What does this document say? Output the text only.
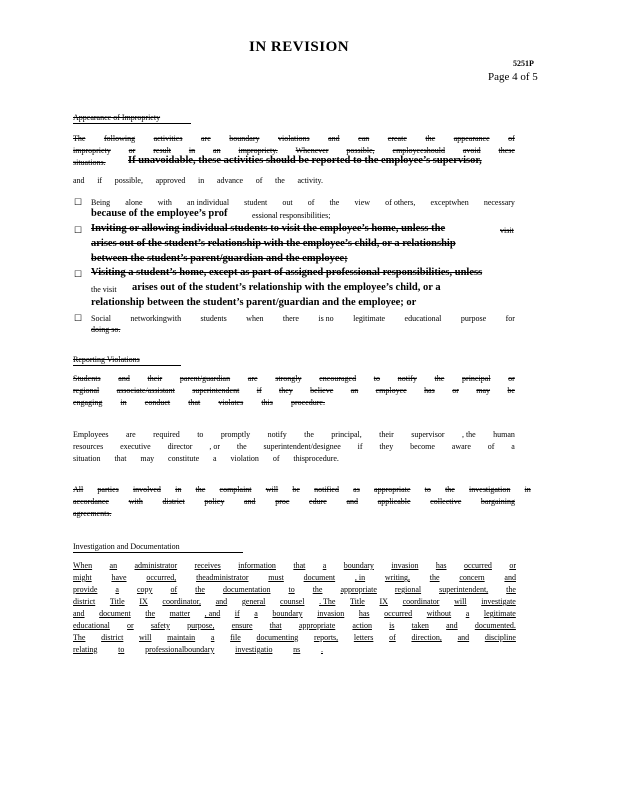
IN REVISION
5251P
Page 4 of 5
Appearance of Impropriety
The following activities are boundary violations and can create the appearance of
impropriety or result in an impropriety. Whenever possible, employeeshould avoid these
situations. If unavoidable, these activities should be reported to the employee’s supervisor,
and if possible, approved in advance of the activity.
☐ Being alone with an individual student out of the view of others, exceptwhen necessary
because of the employee’s prof	essional responsibilities;
☐ Inviting or allowing individual students to visit the employee’s home, unless the	visit
arises out of the student’s relationship with the employee’s child, or a relationship
between the student’s parent/guardian and the employee;
☐ Visiting a student’s home, except as part of assigned professional responsibilities, unless
the visit arises out of the student’s relationship with the employee’s child, or a
relationship between the student’s parent/guardian and the employee; or
☐ Social networkingwith students when there is no legitimate educational purpose for
doing so.
Reporting Violations
Students and their parent/guardian are strongly encouraged to notify the principal or
regional associate/assistant superintendent if they believe an employee has or may be
engaging in conduct that violates this procedure.
Employees are required to promptly notify the principal, their supervisor , the human
resources executive director , or the superintendent/designee if they become aware of a
situation that may constitute a violation of thisprocedure.
All parties involved in the complaint will be notified as appropriate to the investigation in
accordance with district policy and proc edure and applicable collective bargaining
agreements.
Investigation and Documentation
When an administrator receives information that a boundary invasion has occurred or
might have occurred, theadministrator must document , in writing, the concern and
provide a copy of the documentation to the appropriate regional superintendent, the
district Title IX coordinator, and general counsel . The Title IX coordinator will investigate
and document the matter , and if a boundary invasion has occurred without a legitimate
educational or safety purpose, ensure that appropriate action is taken and documented.
The district will maintain a file documenting reports, letters of direction, and discipline
relating	to	professionalboundary	investigatio	ns	.
